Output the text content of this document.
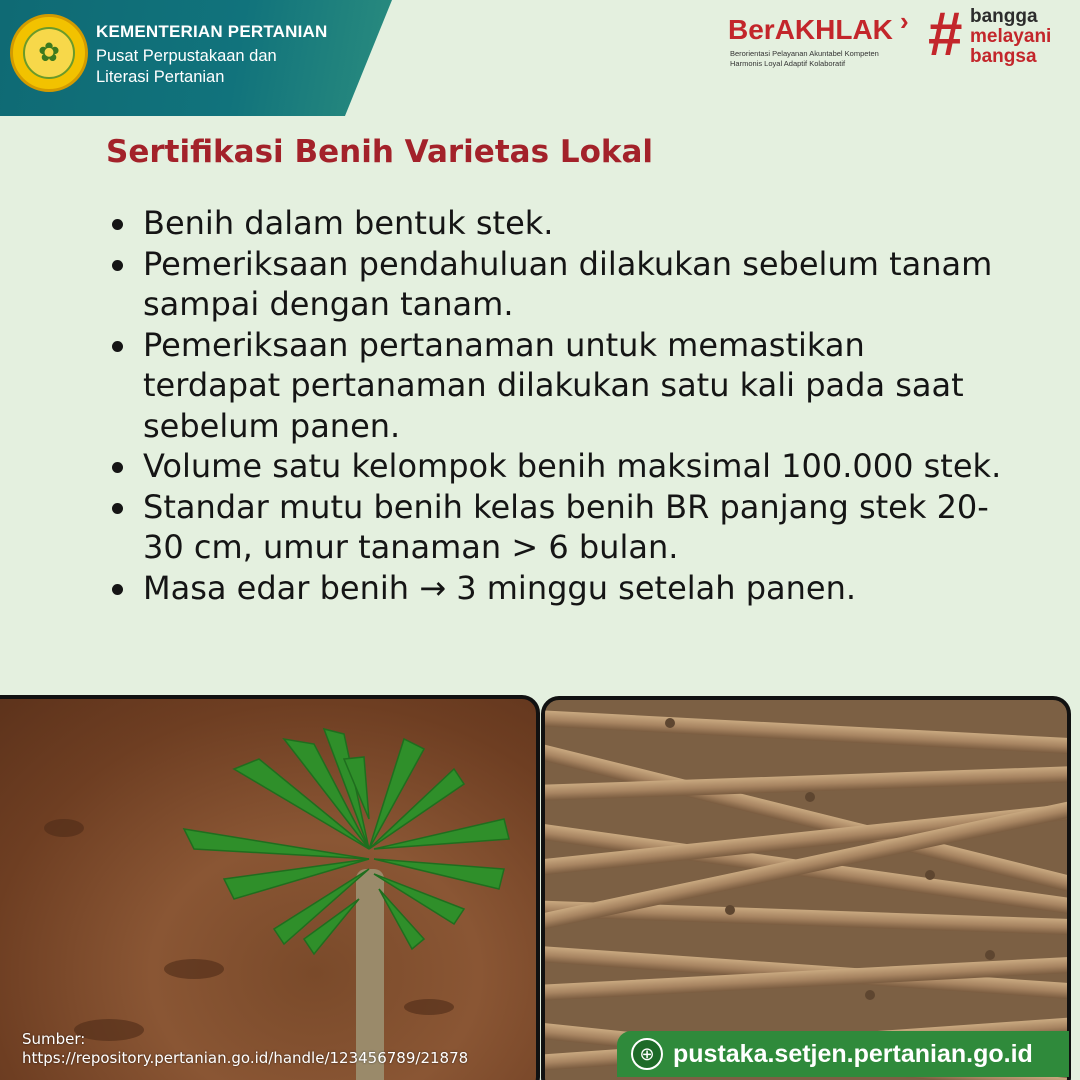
✿
KEMENTERIAN PERTANIAN
Pusat Perpustakaan dan
Literasi Pertanian
BerAKHLAK ›
Berorientasi Pelayanan Akuntabel Kompeten
Harmonis Loyal Adaptif Kolaboratif	# bangga
melayani
bangsa
Sertifikasi Benih Varietas Lokal
Benih dalam bentuk stek.
Pemeriksaan pendahuluan dilakukan sebelum tanam sampai dengan tanam.
Pemeriksaan pertanaman untuk memastikan terdapat pertanaman dilakukan satu kali pada saat sebelum panen.
Volume satu kelompok benih maksimal 100.000 stek.
Standar mutu benih kelas benih BR panjang stek 20-30 cm, umur tanaman > 6 bulan.
Masa edar benih → 3 minggu setelah panen.
Sumber:
https://repository.pertanian.go.id/handle/123456789/21878	⊕ pustaka.setjen.pertanian.go.id
